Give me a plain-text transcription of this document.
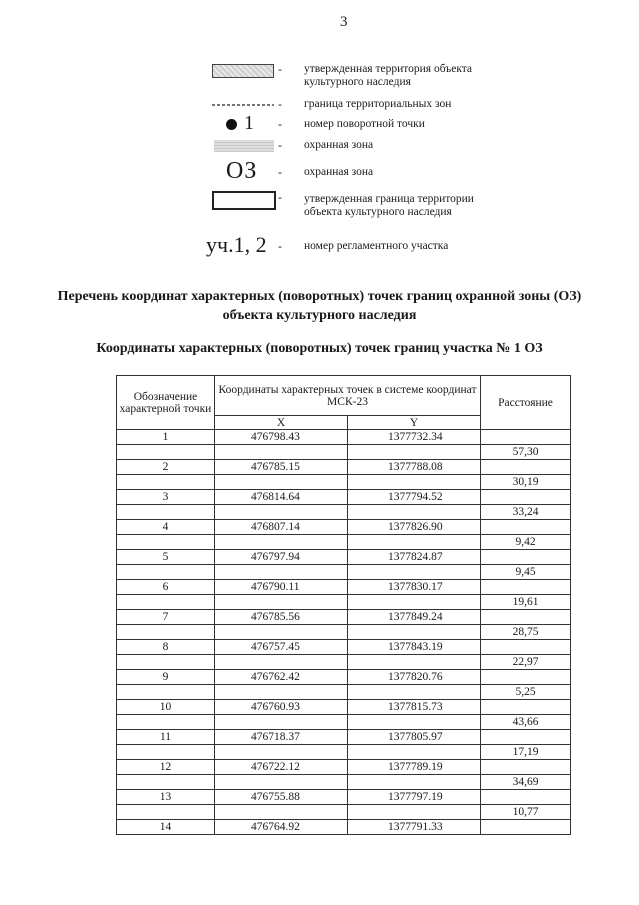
3
- утвержденная территория объекта культурного наследия
- граница территориальных зон
1 - номер поворотной точки
- охранная зона
ОЗ - охранная зона
- утвержденная граница территории объекта культурного наследия
уч.1, 2 - номер регламентного участка
Перечень координат характерных (поворотных) точек границ охранной зоны (ОЗ) объекта культурного наследия
Координаты характерных (поворотных) точек границ участка № 1 ОЗ
Обозначение характерной точки	Координаты характерных точек в системе координат МСК-23		Расстояние
	X	Y	
1	476798.43	1377732.34	
			57,30
2	476785.15	1377788.08	
			30,19
3	476814.64	1377794.52	
			33,24
4	476807.14	1377826.90	
			9,42
5	476797.94	1377824.87	
			9,45
6	476790.11	1377830.17	
			19,61
7	476785.56	1377849.24	
			28,75
8	476757.45	1377843.19	
			22,97
9	476762.42	1377820.76	
			5,25
10	476760.93	1377815.73	
			43,66
11	476718.37	1377805.97	
			17,19
12	476722.12	1377789.19	
			34,69
13	476755.88	1377797.19	
			10,77
14	476764.92	1377791.33	
